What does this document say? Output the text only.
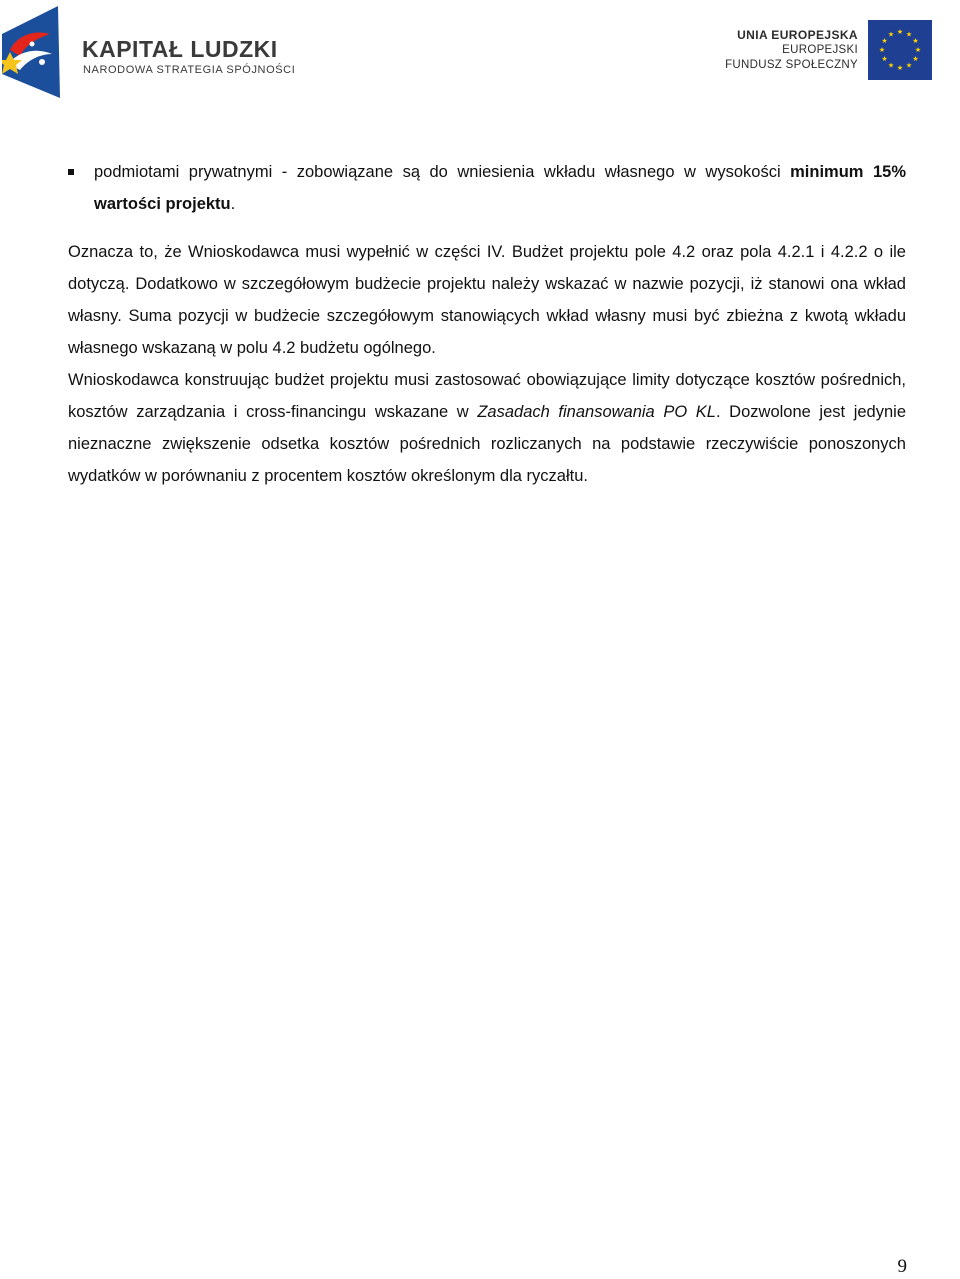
KAPITAŁ LUDZKI
NARODOWA STRATEGIA SPÓJNOŚCI
UNIA EUROPEJSKA
EUROPEJSKI
FUNDUSZ SPOŁECZNY
★ ★
★
★
★
★
★
★
★
★
★
★

podmiotami prywatnymi - zobowiązane są do wniesienia wkładu własnego w wysokości minimum 15% wartości projektu.

Oznacza to, że Wnioskodawca musi wypełnić w części IV. Budżet projektu pole 4.2 oraz pola 4.2.1 i 4.2.2 o ile dotyczą. Dodatkowo w szczegółowym budżecie projektu należy wskazać w nazwie pozycji, iż stanowi ona wkład własny. Suma pozycji w budżecie szczegółowym stanowiących wkład własny musi być zbieżna z kwotą wkładu własnego wskazaną w polu 4.2 budżetu ogólnego.

Wnioskodawca konstruując budżet projektu musi zastosować obowiązujące limity dotyczące kosztów pośrednich, kosztów zarządzania i cross-financingu wskazane w Zasadach finansowania PO KL. Dozwolone jest jedynie nieznaczne zwiększenie odsetka kosztów pośrednich rozliczanych na podstawie rzeczywiście ponoszonych wydatków w porównaniu z procentem kosztów określonym dla ryczałtu.

9
